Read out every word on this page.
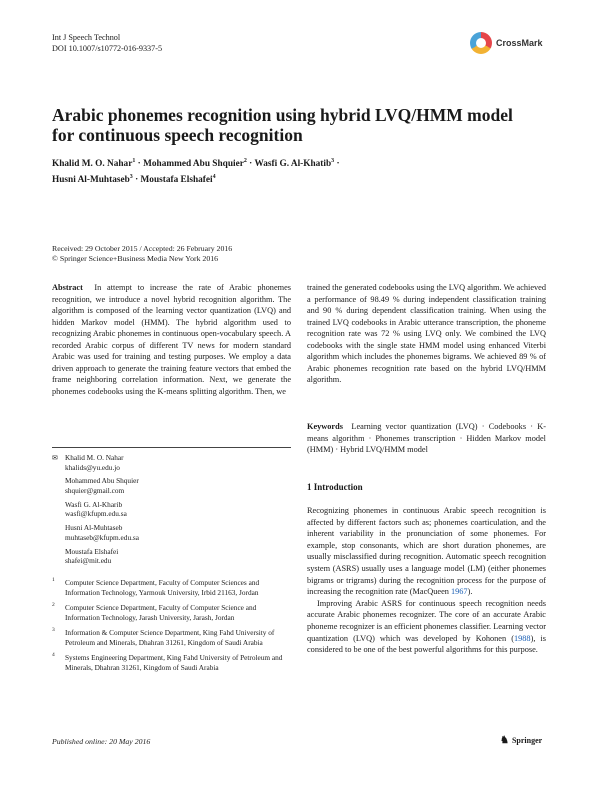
Int J Speech Technol
DOI 10.1007/s10772-016-9337-5
CrossMark
Arabic phonemes recognition using hybrid LVQ/HMM model for continuous speech recognition
Khalid M. O. Nahar$^1$ · Mohammed Abu Shquier$^2$ · Wasfi G. Al-Khatib$^3$ ·
Husni Al-Muhtaseb$^3$ · Moustafa Elshafei$^4$
Received: 29 October 2015 / Accepted: 26 February 2016
© Springer Science+Business Media New York 2016
Abstract In attempt to increase the rate of Arabic phonemes recognition, we introduce a novel hybrid recognition algorithm. The algorithm is composed of the learning vector quantization (LVQ) and hidden Markov model (HMM). The hybrid algorithm used to recognizing Arabic phonemes in continuous open-vocabulary speech. A recorded Arabic corpus of different TV news for modern standard Arabic was used for training and testing purposes. We employ a data driven approach to generate the training feature vectors that embed the frame neighboring correlation information. Next, we generate the phonemes codebooks using the K-means splitting algorithm. Then, we
trained the generated codebooks using the LVQ algorithm. We achieved a performance of 98.49 % during independent classification training and 90 % during dependent classification training. When using the trained LVQ codebooks in Arabic utterance transcription, the phoneme recognition rate was 72 % using LVQ only. We combined the LVQ codebooks with the single state HMM model using enhanced Viterbi algorithm which includes the phonemes bigrams. We achieved 89 % of Arabic phonemes recognition rate based on the hybrid LVQ/HMM algorithm.
Keywords Learning vector quantization (LVQ) · Codebooks · K-means algorithm · Phonemes transcription · Hidden Markov model (HMM) · Hybrid LVQ/HMM model
✉ Khalid M. O. Nahar
khalids@yu.edu.jo
Mohammed Abu Shquier
shquier@gmail.com
Wasfi G. Al-Kharib
wasfi@kfupm.edu.sa
Husni Al-Muhtaseb
muhtaseb@kfupm.edu.sa
Moustafa Elshafei
shafei@mit.edu
1 Computer Science Department, Faculty of Computer Sciences and Information Technology, Yarmouk University, Irbid 21163, Jordan
2 Computer Science Department, Faculty of Computer Science and Information Technology, Jarash University, Jarash, Jordan
3 Information & Computer Science Department, King Fahd University of Petroleum and Minerals, Dhahran 31261, Kingdom of Saudi Arabia
4 Systems Engineering Department, King Fahd University of Petroleum and Minerals, Dhahran 31261, Kingdom of Saudi Arabia
1 Introduction

Recognizing phonemes in continuous Arabic speech recognition is affected by different factors such as; phonemes coarticulation, and the inherent variability in the pronunciation of some phonemes. For example, stop consonants, which are short duration phonemes, are usually misclassified during recognition. Automatic speech recognition system (ASRS) usually uses a language model (LM) (either phonemes bigrams or trigrams) during the recognition process for the purpose of increasing the recognition rate (MacQueen 1967).

Improving Arabic ASRS for continuous speech recognition needs accurate Arabic phonemes recognizer. The core of an accurate Arabic phoneme recognizer is an efficient phonemes classifier. Learning vector quantization (LVQ) which was developed by Kohonen (1988), is considered to be one of the best powerful algorithms for this purpose.

Published online: 20 May 2016	♞ Springer
